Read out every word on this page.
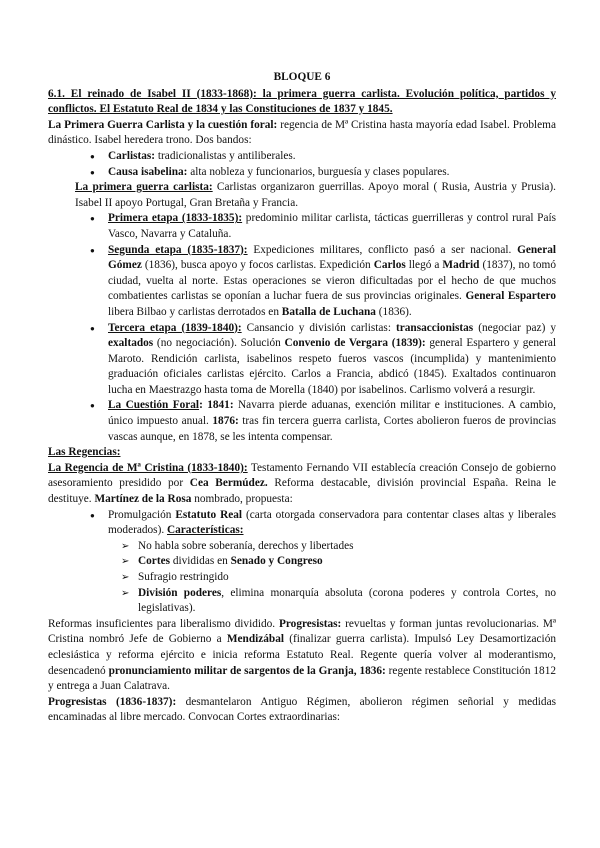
BLOQUE 6

6.1. El reinado de Isabel II (1833-1868): la primera guerra carlista. Evolución política, partidos y conflictos. El Estatuto Real de 1834 y las Constituciones de 1837 y 1845.

La Primera Guerra Carlista y la cuestión foral: regencia de Mª Cristina hasta mayoría edad Isabel. Problema dinástico. Isabel heredera trono. Dos bandos:

● Carlistas: tradicionalistas y antiliberales.
● Causa isabelina: alta nobleza y funcionarios, burguesía y clases populares.

La primera guerra carlista: Carlistas organizaron guerrillas. Apoyo moral ( Rusia, Austria y Prusia). Isabel II apoyo Portugal, Gran Bretaña y Francia.

● Primera etapa (1833-1835): predominio militar carlista, tácticas guerrilleras y control rural País Vasco, Navarra y Cataluña.
● Segunda etapa (1835-1837): Expediciones militares, conflicto pasó a ser nacional. General Gómez (1836), busca apoyo y focos carlistas. Expedición Carlos llegó a Madrid (1837), no tomó ciudad, vuelta al norte. Estas operaciones se vieron dificultadas por el hecho de que muchos combatientes carlistas se oponían a luchar fuera de sus provincias originales. General Espartero libera Bilbao y carlistas derrotados en Batalla de Luchana (1836).
● Tercera etapa (1839-1840): Cansancio y división carlistas: transaccionistas (negociar paz) y exaltados (no negociación). Solución Convenio de Vergara (1839): general Espartero y general Maroto. Rendición carlista, isabelinos respeto fueros vascos (incumplida) y mantenimiento graduación oficiales carlistas ejército. Carlos a Francia, abdicó (1845). Exaltados continuaron lucha en Maestrazgo hasta toma de Morella (1840) por isabelinos. Carlismo volverá a resurgir.
● La Cuestión Foral: 1841: Navarra pierde aduanas, exención militar e instituciones. A cambio, único impuesto anual. 1876: tras fin tercera guerra carlista, Cortes abolieron fueros de provincias vascas aunque, en 1878, se les intenta compensar.

Las Regencias:

La Regencia de Mª Cristina (1833-1840): Testamento Fernando VII establecía creación Consejo de gobierno asesoramiento presidido por Cea Bermúdez. Reforma destacable, división provincial España. Reina le destituye. Martínez de la Rosa nombrado, propuesta:

● Promulgación Estatuto Real (carta otorgada conservadora para contentar clases altas y liberales moderados). Características:
➢ No habla sobre soberanía, derechos y libertades
➢ Cortes divididas en Senado y Congreso
➢ Sufragio restringido
➢ División poderes, elimina monarquía absoluta (corona poderes y controla Cortes, no legislativas).

Reformas insuficientes para liberalismo dividido. Progresistas: revueltas y forman juntas revolucionarias. Mª Cristina nombró Jefe de Gobierno a Mendizábal (finalizar guerra carlista). Impulsó Ley Desamortización eclesiástica y reforma ejército e inicia reforma Estatuto Real. Regente quería volver al moderantismo, desencadenó pronunciamiento militar de sargentos de la Granja, 1836: regente restablece Constitución 1812 y entrega a Juan Calatrava.

Progresistas (1836-1837): desmantelaron Antiguo Régimen, abolieron régimen señorial y medidas encaminadas al libre mercado. Convocan Cortes extraordinarias:
